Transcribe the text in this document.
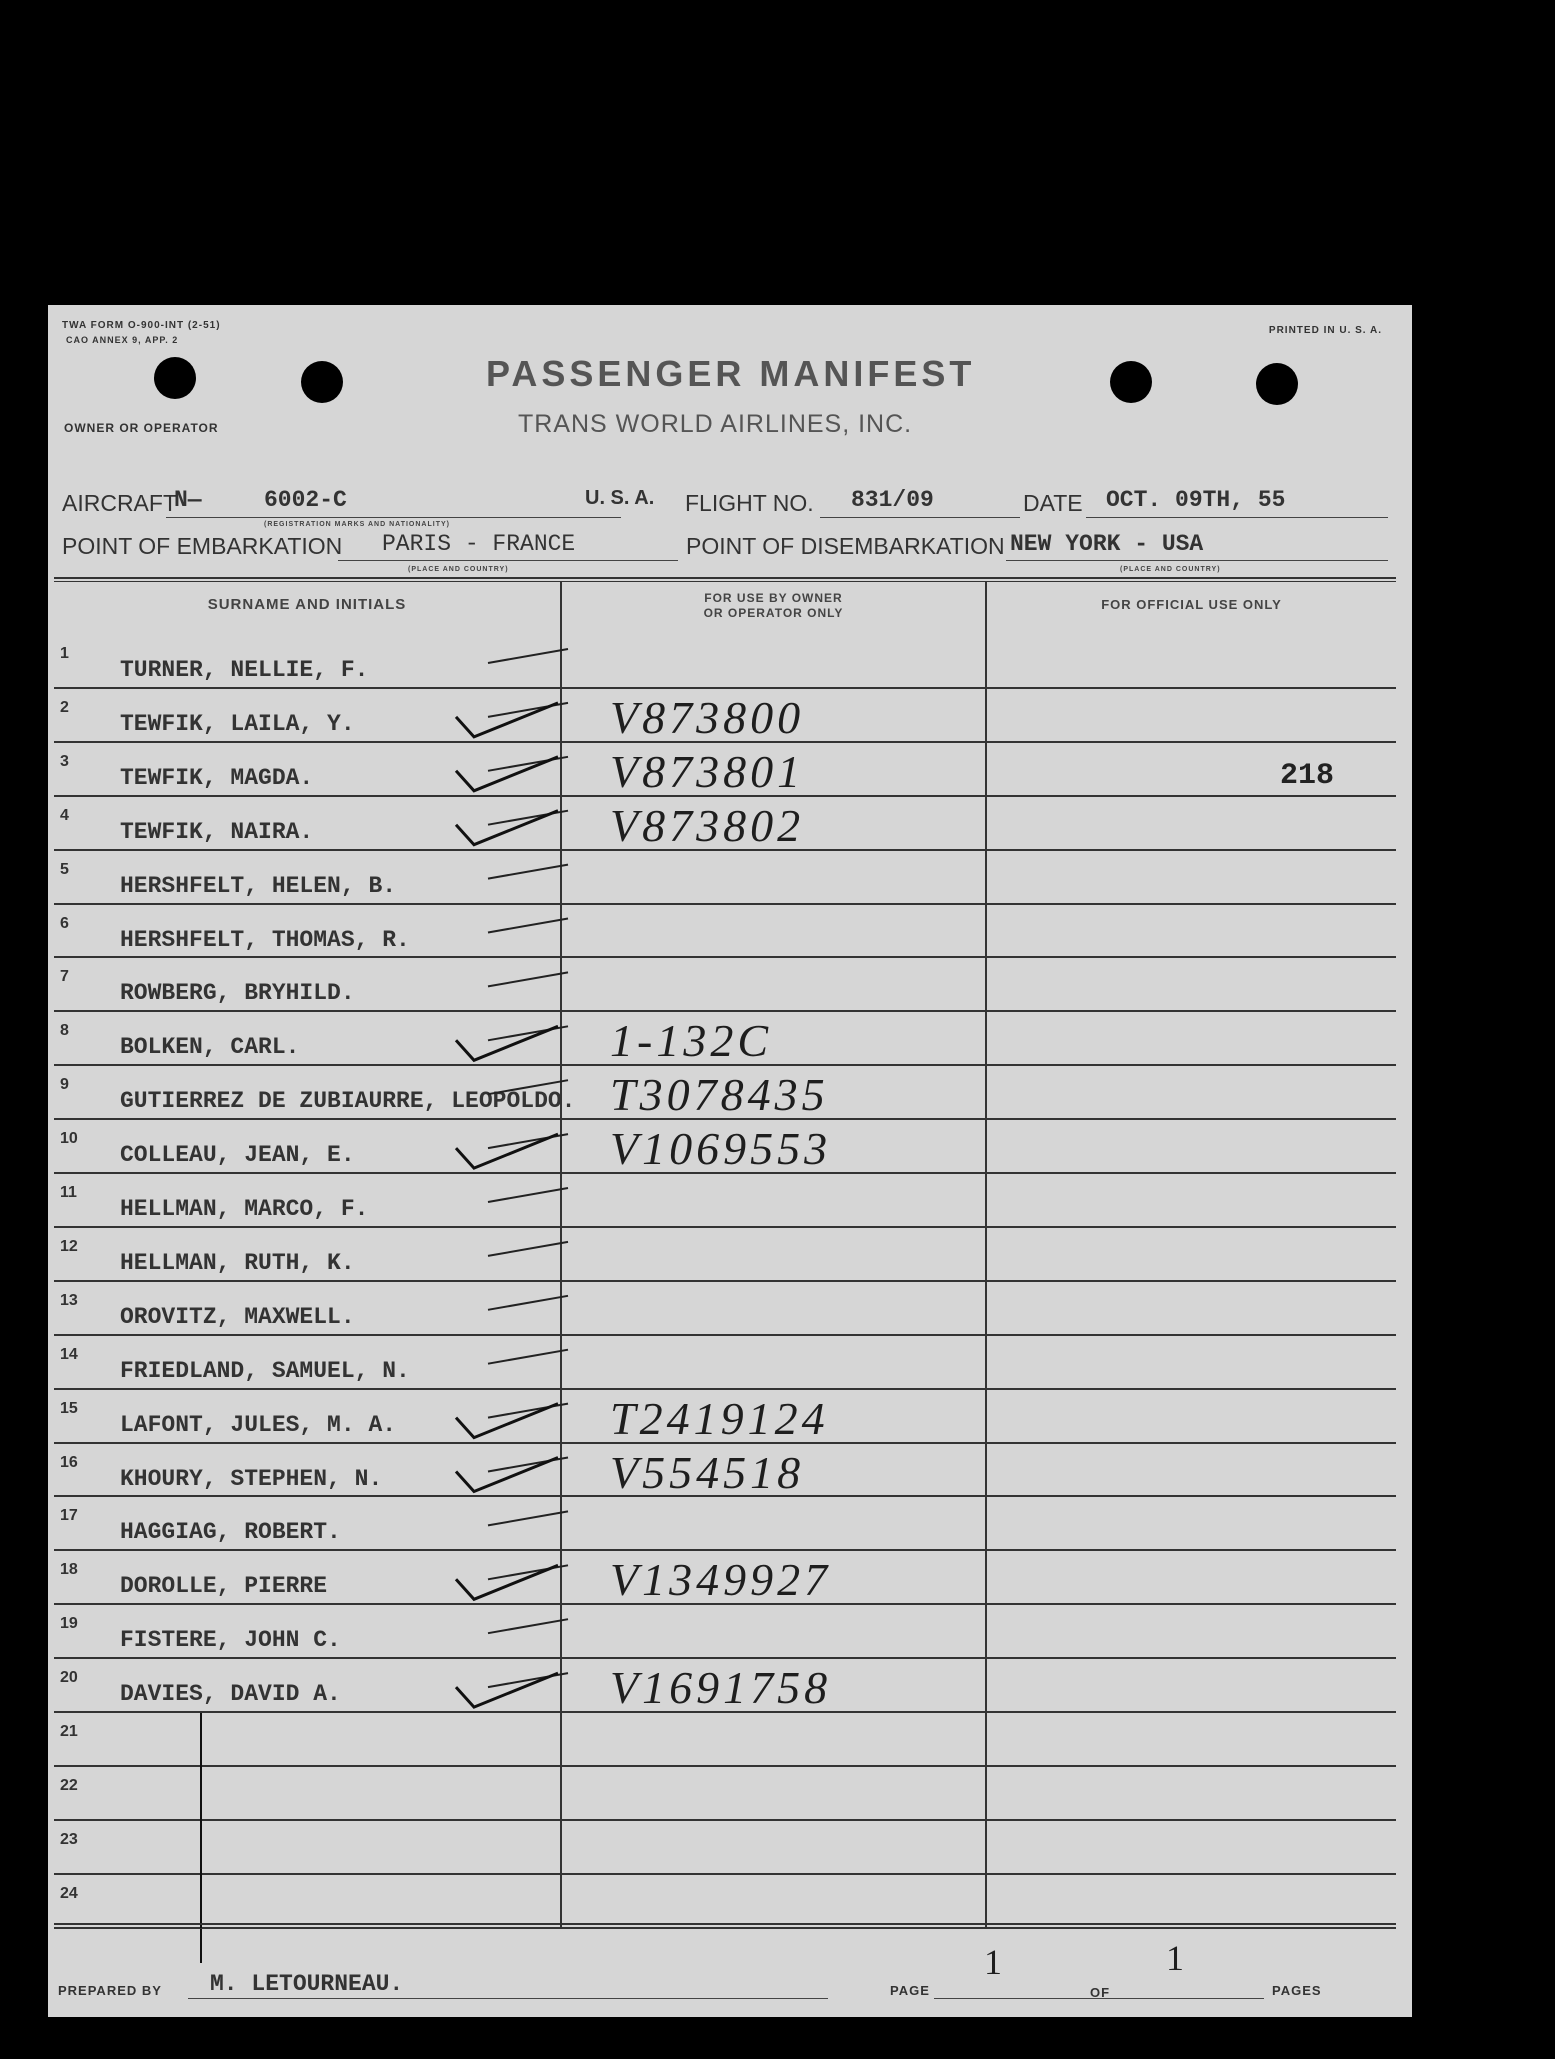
TWA FORM O-900-INT (2-51)
CAO ANNEX 9, APP. 2
PRINTED IN U. S. A.
PASSENGER MANIFEST
TRANS WORLD AIRLINES, INC.
OWNER OR OPERATOR
AIRCRAFT
N—	6002-C
(REGISTRATION MARKS AND NATIONALITY)
U. S. A. FLIGHT NO. 831/09	DATE OCT. 09TH, 55
POINT OF EMBARKATION PARIS - FRANCE
(PLACE AND COUNTRY)
POINT OF DISEMBARKATION NEW YORK - USA
(PLACE AND COUNTRY)
SURNAME AND INITIALS	FOR USE BY OWNER
OR OPERATOR ONLY
FOR OFFICIAL USE ONLY
1
TURNER, NELLIE, F.
2
TEWFIK, LAILA, Y.	V873800
3
TEWFIK, MAGDA.	V873801	218
4
TEWFIK, NAIRA.	V873802
5
HERSHFELT, HELEN, B.
6
HERSHFELT, THOMAS, R.
7
ROWBERG, BRYHILD.
8
BOLKEN, CARL.	1-132C
9
GUTIERREZ DE ZUBIAURRE, LEOPOLDO. T3078435
10
COLLEAU, JEAN, E.	V1069553
11
HELLMAN, MARCO, F.
12
HELLMAN, RUTH, K.
13
OROVITZ, MAXWELL.
14
FRIEDLAND, SAMUEL, N.
15
LAFONT, JULES, M. A.	T2419124
16
KHOURY, STEPHEN, N.	V554518
17
HAGGIAG, ROBERT.
18
DOROLLE, PIERRE	V1349927
19
FISTERE, JOHN C.
20
DAVIES, DAVID A.	V1691758
21
22
23
24
PREPARED BY M. LETOURNEAU.	PAGE
1
OF
1
PAGES
